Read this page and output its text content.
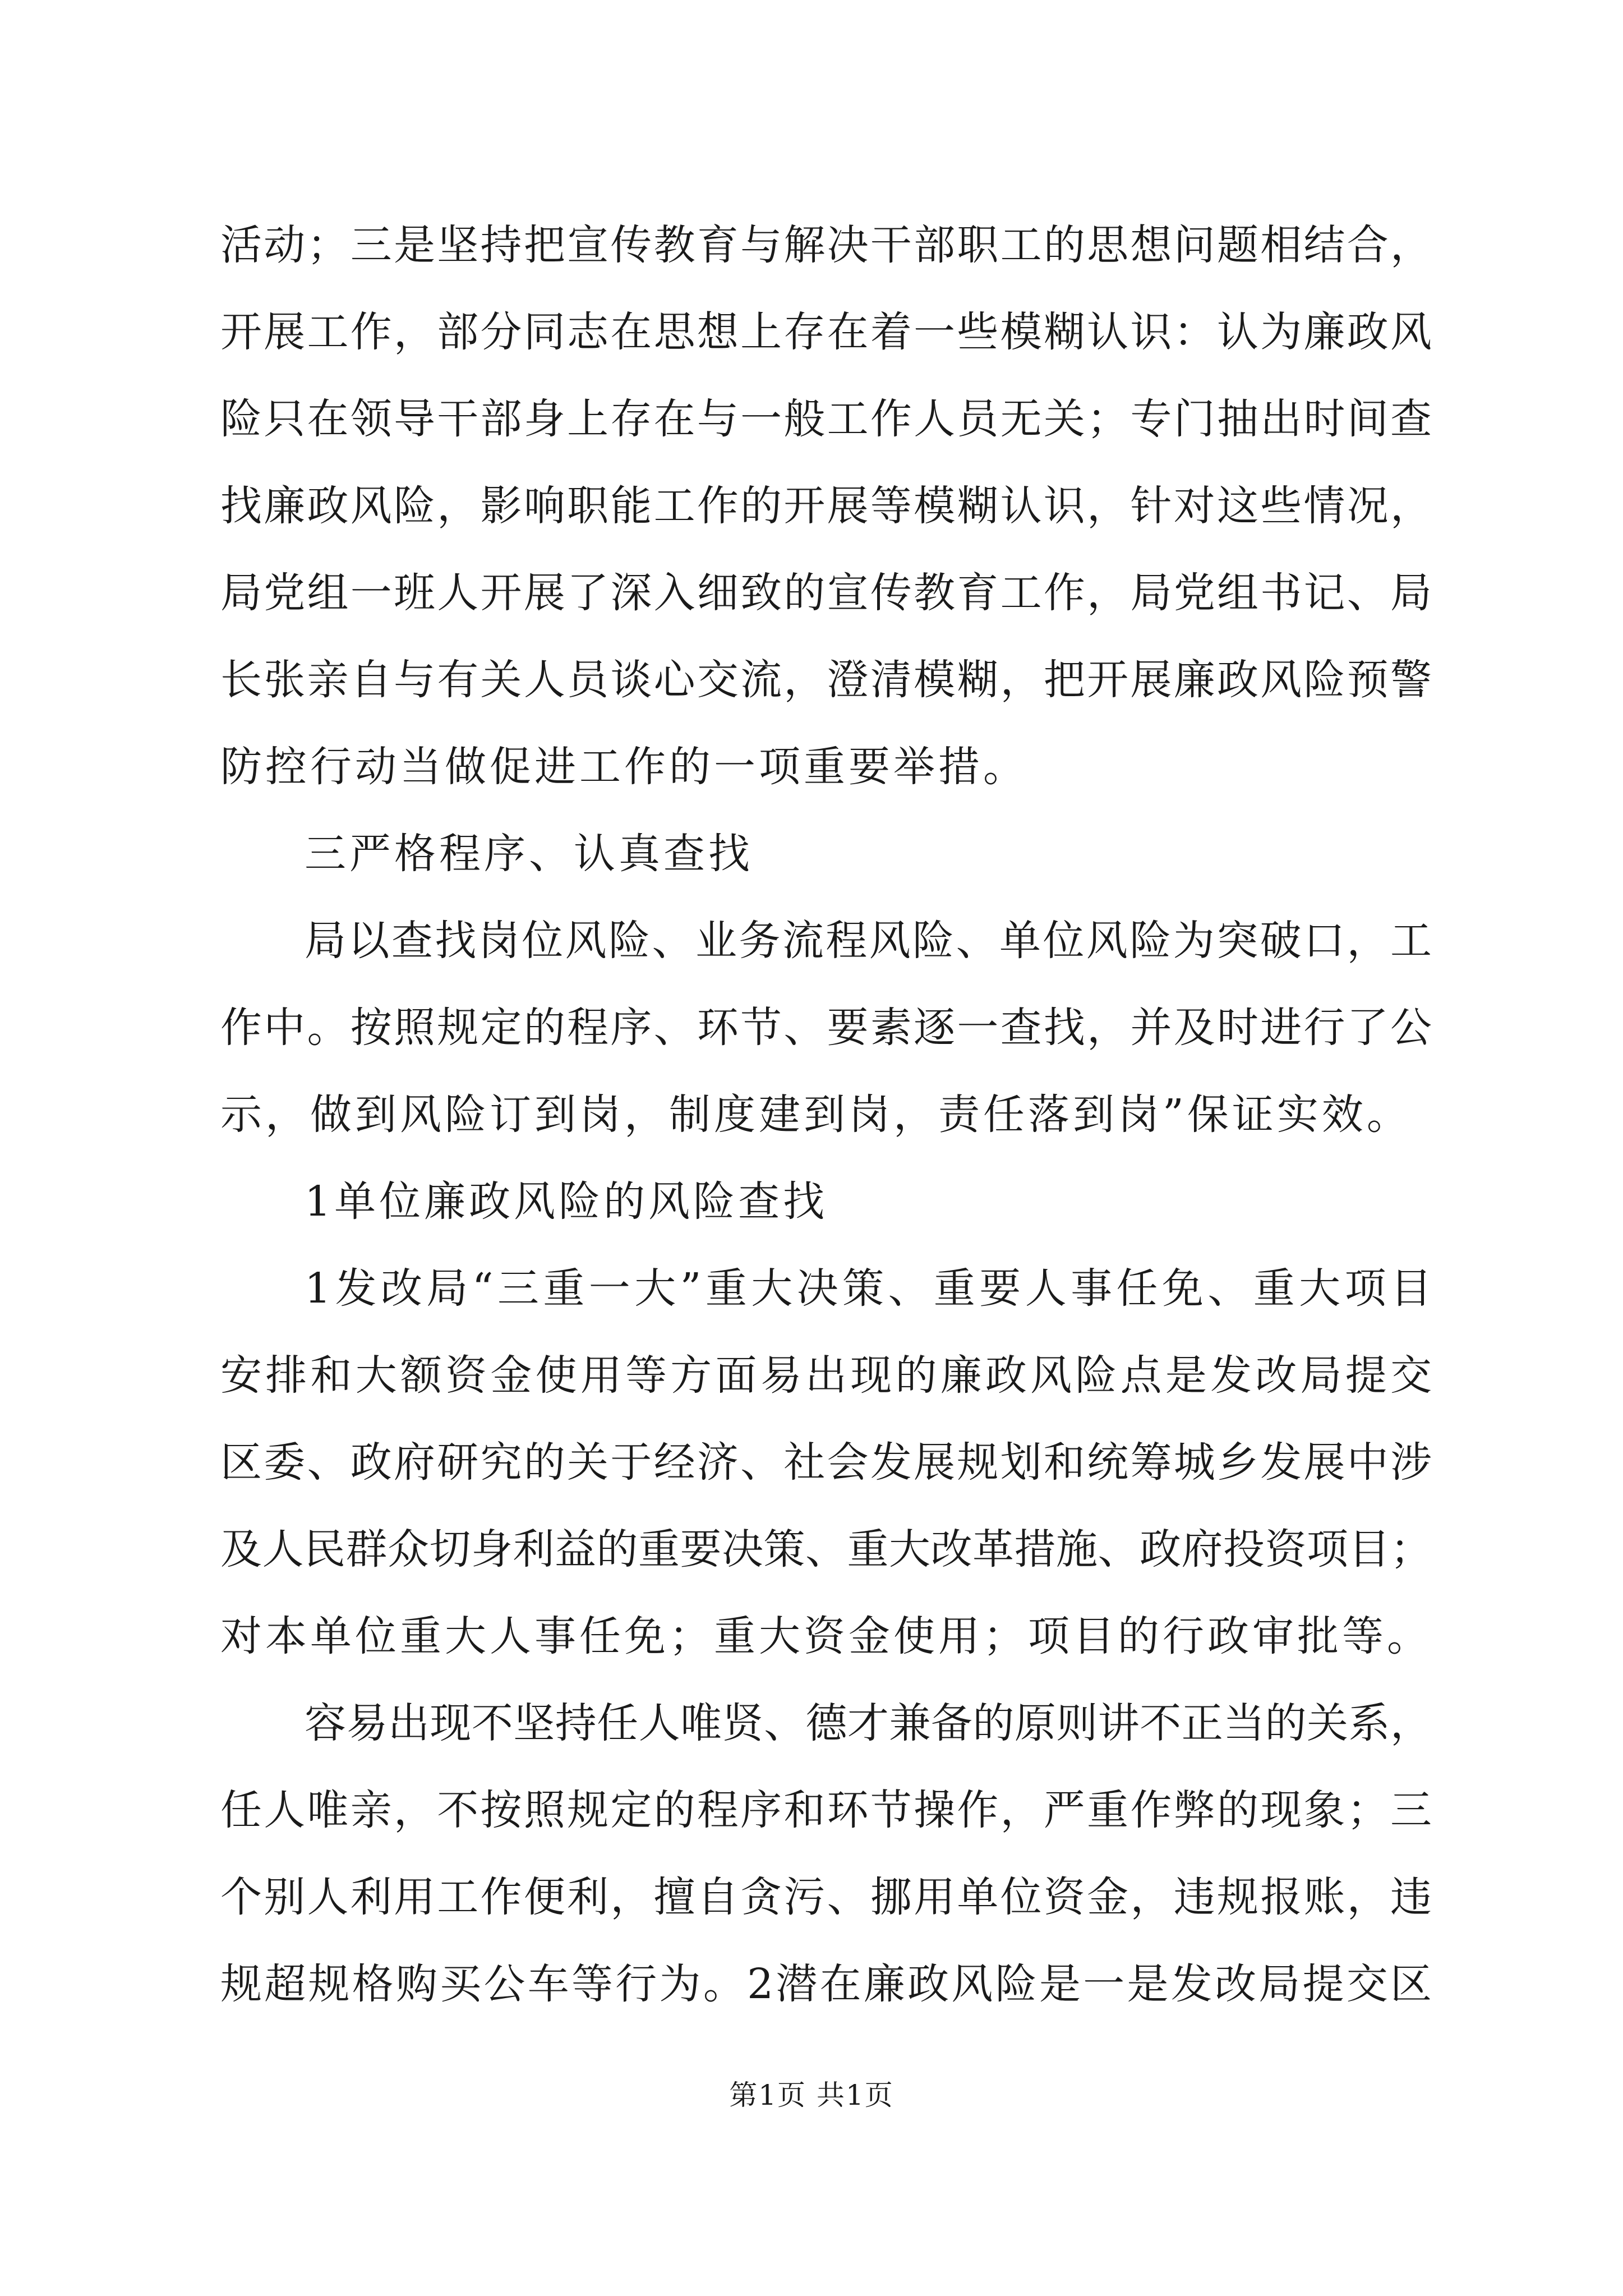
活动；三是坚持把宣传教育与解决干部职工的思想问题相结合，
开展工作，部分同志在思想上存在着一些模糊认识：认为廉政风
险只在领导干部身上存在与一般工作人员无关；专门抽出时间查
找廉政风险，影响职能工作的开展等模糊认识，针对这些情况，
局党组一班人开展了深入细致的宣传教育工作，局党组书记、局
长张亲自与有关人员谈心交流，澄清模糊，把开展廉政风险预警
防控行动当做促进工作的一项重要举措。
三严格程序、认真查找
局以查找岗位风险、业务流程风险、单位风险为突破口，工
作中。按照规定的程序、环节、要素逐一查找，并及时进行了公
示，做到风险订到岗，制度建到岗，责任落到岗”保证实效。
1单位廉政风险的风险查找
1发改局“三重一大”重大决策、重要人事任免、重大项目
安排和大额资金使用等方面易出现的廉政风险点是发改局提交
区委、政府研究的关于经济、社会发展规划和统筹城乡发展中涉
及人民群众切身利益的重要决策、重大改革措施、政府投资项目；
对本单位重大人事任免；重大资金使用；项目的行政审批等。
容易出现不坚持任人唯贤、德才兼备的原则讲不正当的关系，
任人唯亲，不按照规定的程序和环节操作，严重作弊的现象；三
个别人利用工作便利，擅自贪污、挪用单位资金，违规报账，违
规超规格购买公车等行为。2潜在廉政风险是一是发改局提交区
第1页 共1页
